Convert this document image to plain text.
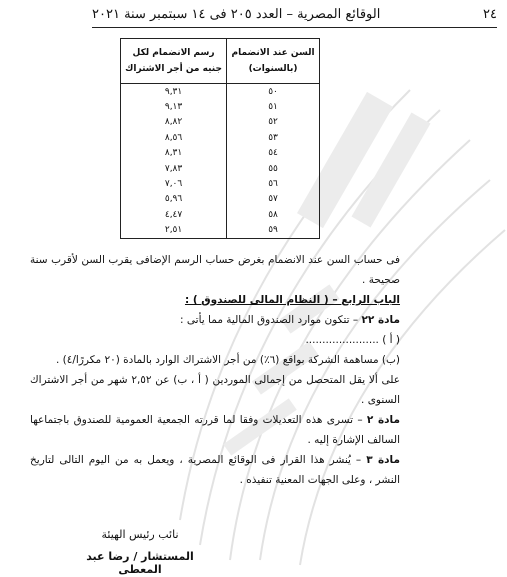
٢٤
الوقائع المصرية – العدد ٢٠٥ فى ١٤ سبتمبر سنة ٢٠٢١
السن عند الانضمام (بالسنوات)	رسم الانضمام لكل جنيه من أجر الاشتراك
٥٠	٩,٣١
٥١	٩,١٣
٥٢	٨,٨٢
٥٣	٨,٥٦
٥٤	٨,٣١
٥٥	٧,٨٣
٥٦	٧,٠٦
٥٧	٥,٩٦
٥٨	٤,٤٧
٥٩	٢,٥١

فى حساب السن عند الانضمام بغرض حساب الرسم الإضافى يقرب السن لأقرب سنة صحيحة .

الباب الرابع – ( النظام المالى للصندوق ) :

مادة ٢٢ – تتكون موارد الصندوق المالية مما يأتى :

( أ ) ......................

(ب) مساهمة الشركة بواقع (٦٪) من أجر الاشتراك الوارد بالمادة (٢٠ مكررًا/٤) .

على ألا يقل المتحصل من إجمالى الموردين ( أ ، ب) عن ٢,٥٢ شهر من أجر الاشتراك السنوى .

مادة ٢ – تسرى هذه التعديلات وفقا لما قررته الجمعية العمومية للصندوق باجتماعها السالف الإشارة إليه .

مادة ٣ – يُنشر هذا القرار فى الوقائع المصرية ، ويعمل به من اليوم التالى لتاريخ النشر ، وعلى الجهات المعنية تنفيذه .

نائب رئيس الهيئة
المستشار / رضا عبد المعطى
